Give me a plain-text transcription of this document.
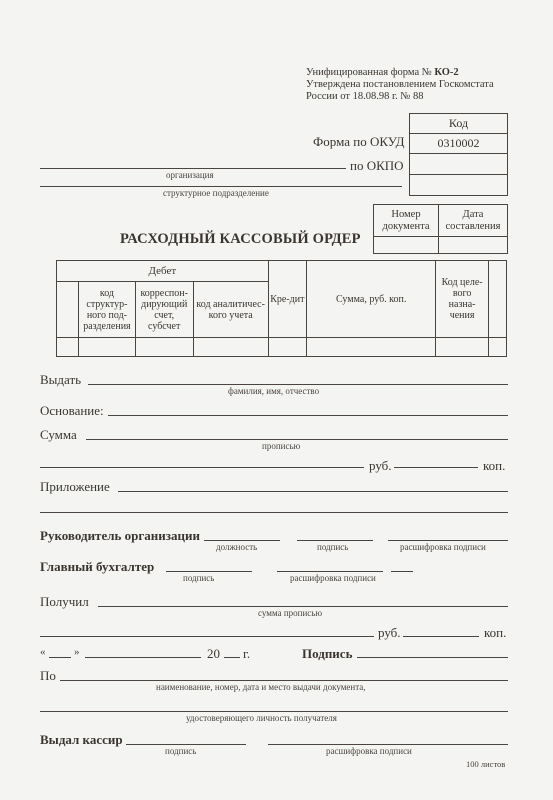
Унифицированная форма № КО-2
Утверждена постановлением Госкомстата
России от 18.08.98 г. № 88
Код
0310002

Форма по ОКУД
по ОКПО
организация
структурное подразделение
Номер документа	Дата составления

РАСХОДНЫЙ КАССОВЫЙ ОРДЕР
Дебет				Кре-дит	Сумма, руб. коп.	Код целе-вого назна-чения	
	код структур-ного под-разделения	корреспон-дирующий счет, субсчет	код аналитичес-кого учета				

Выдать
фамилия, имя, отчество
Основание:
Сумма
прописью
руб.	коп.
Приложение
Руководитель организации
должность	подпись	расшифровка подписи
Главный бухгалтер
подпись	расшифровка подписи
Получил
сумма прописью
руб.	коп.
«	»	20 г.	Подпись
По
наименование, номер, дата и место выдачи документа,
удостоверяющего личность получателя
Выдал кассир
подпись	расшифровка подписи
100 листов
